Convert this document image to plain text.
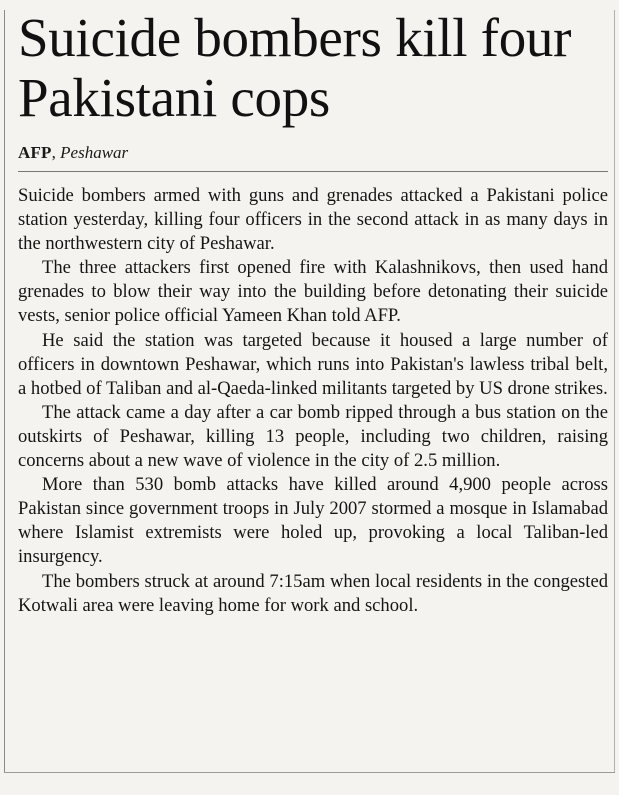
Suicide bombers kill four Pakistani cops
AFP, Peshawar

Suicide bombers armed with guns and grenades attacked a Pakistani police station yesterday, killing four officers in the second attack in as many days in the northwestern city of Peshawar.

The three attackers first opened fire with Kalashnikovs, then used hand grenades to blow their way into the building before detonating their suicide vests, senior police official Yameen Khan told AFP.

He said the station was targeted because it housed a large number of officers in downtown Peshawar, which runs into Pakistan's lawless tribal belt, a hotbed of Taliban and al-Qaeda-linked militants targeted by US drone strikes.

The attack came a day after a car bomb ripped through a bus station on the outskirts of Peshawar, killing 13 people, including two children, raising concerns about a new wave of violence in the city of 2.5 million.

More than 530 bomb attacks have killed around 4,900 people across Pakistan since government troops in July 2007 stormed a mosque in Islamabad where Islamist extremists were holed up, provoking a local Taliban-led insurgency.

The bombers struck at around 7:15am when local residents in the congested Kotwali area were leaving home for work and school.
